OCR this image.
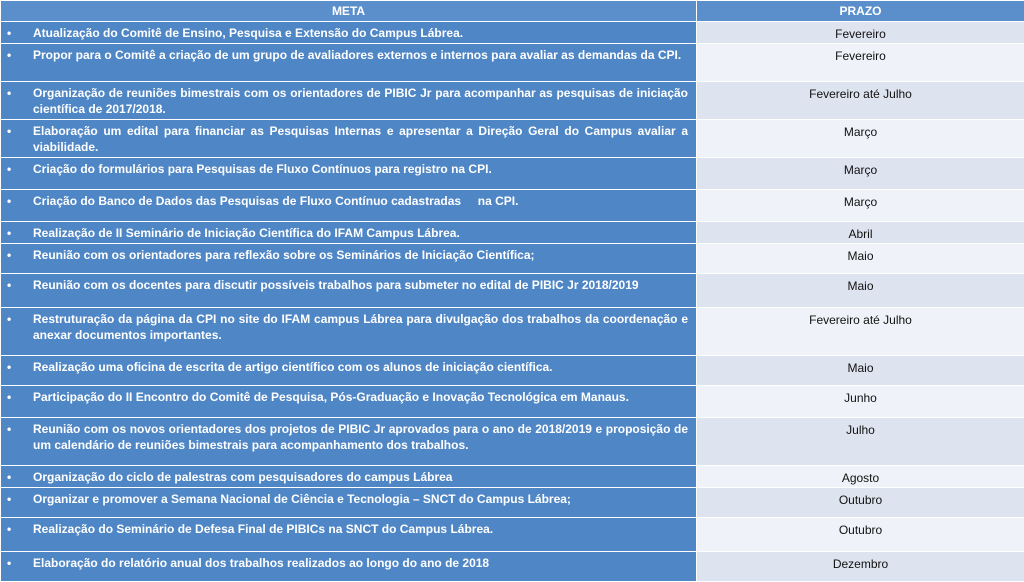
META	PRAZO

• Atualização do Comitê de Ensino, Pesquisa e Extensão do Campus Lábrea.	Fevereiro

• Propor para o Comitê a criação de um grupo de avaliadores externos e internos para avaliar as demandas da CPI.	Fevereiro

• Organização de reuniões bimestrais com os orientadores de PIBIC Jr para acompanhar as pesquisas de iniciação científica de 2017/2018.	Fevereiro até Julho

• Elaboração um edital para financiar as Pesquisas Internas e apresentar a Direção Geral do Campus avaliar a viabilidade.	Março

• Criação do formulários para Pesquisas de Fluxo Contínuos para registro na CPI.	Março

• Criação do Banco de Dados das Pesquisas de Fluxo Contínuo cadastradas     na CPI.	Março

• Realização de II Seminário de Iniciação Científica do IFAM Campus Lábrea.	Abril

• Reunião com os orientadores para reflexão sobre os Seminários de Iniciação Científica;	Maio

• Reunião com os docentes para discutir possíveis trabalhos para submeter no edital de PIBIC Jr 2018/2019	Maio

• Restruturação da página da CPI no site do IFAM campus Lábrea para divulgação dos trabalhos da coordenação e anexar documentos importantes.	Fevereiro até Julho

• Realização uma oficina de escrita de artigo científico com os alunos de iniciação científica.	Maio

• Participação do II Encontro do Comitê de Pesquisa, Pós-Graduação e Inovação Tecnológica em Manaus.	Junho

• Reunião com os novos orientadores dos projetos de PIBIC Jr aprovados para o ano de 2018/2019 e proposição de um calendário de reuniões bimestrais para acompanhamento dos trabalhos.	Julho

• Organização do ciclo de palestras com pesquisadores do campus Lábrea	Agosto

• Organizar e promover a Semana Nacional de Ciência e Tecnologia – SNCT do Campus Lábrea;	Outubro

• Realização do Seminário de Defesa Final de PIBICs na SNCT do Campus Lábrea.	Outubro

• Elaboração do relatório anual dos trabalhos realizados ao longo do ano de 2018	Dezembro
